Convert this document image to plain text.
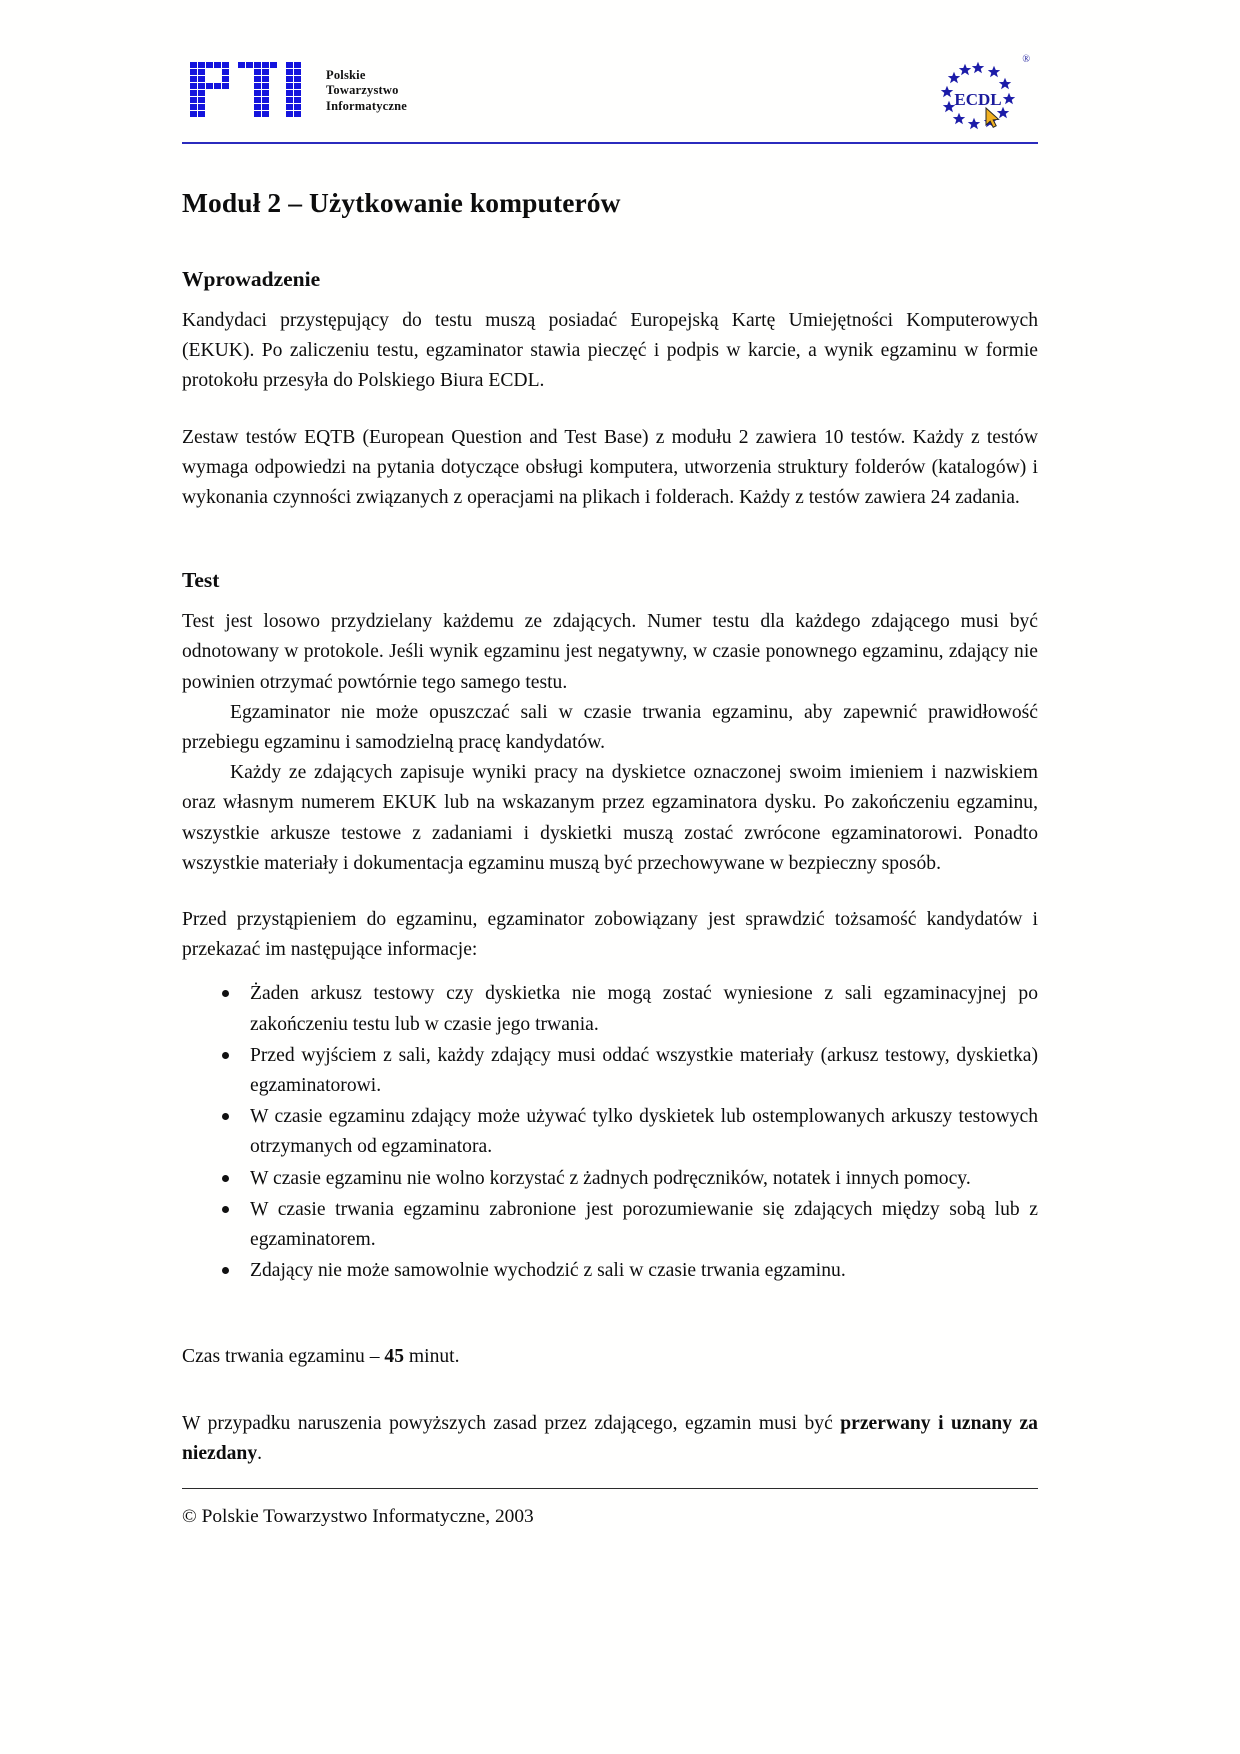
Polskie
Towarzystwo
Informatyczne	ECDL
®
Moduł 2 – Użytkowanie komputerów
Wprowadzenie

Kandydaci przystępujący do testu muszą posiadać Europejską Kartę Umiejętności Komputerowych (EKUK). Po zaliczeniu testu, egzaminator stawia pieczęć i podpis w karcie, a wynik egzaminu w formie protokołu przesyła do Polskiego Biura ECDL.

Zestaw testów EQTB (European Question and Test Base) z modułu 2 zawiera 10 testów. Każdy z testów wymaga odpowiedzi na pytania dotyczące obsługi komputera, utworzenia struktury folderów (katalogów) i wykonania czynności związanych z operacjami na plikach i folderach. Każdy z testów zawiera 24 zadania.

Test

Test jest losowo przydzielany każdemu ze zdających. Numer testu dla każdego zdającego musi być odnotowany w protokole. Jeśli wynik egzaminu jest negatywny, w czasie ponownego egzaminu, zdający nie powinien otrzymać powtórnie tego samego testu.

Egzaminator nie może opuszczać sali w czasie trwania egzaminu, aby zapewnić prawidłowość przebiegu egzaminu i samodzielną pracę kandydatów.

Każdy ze zdających zapisuje wyniki pracy na dyskietce oznaczonej swoim imieniem i nazwiskiem oraz własnym numerem EKUK lub na wskazanym przez egzaminatora dysku. Po zakończeniu egzaminu, wszystkie arkusze testowe z zadaniami i dyskietki muszą zostać zwrócone egzaminatorowi. Ponadto wszystkie materiały i dokumentacja egzaminu muszą być przechowywane w bezpieczny sposób.

Przed przystąpieniem do egzaminu, egzaminator zobowiązany jest sprawdzić tożsamość kandydatów i przekazać im następujące informacje:

Żaden arkusz testowy czy dyskietka nie mogą zostać wyniesione z sali egzaminacyjnej po zakończeniu testu lub w czasie jego trwania.
Przed wyjściem z sali, każdy zdający musi oddać wszystkie materiały (arkusz testowy, dyskietka) egzaminatorowi.
W czasie egzaminu zdający może używać tylko dyskietek lub ostemplowanych arkuszy testowych otrzymanych od egzaminatora.
W czasie egzaminu nie wolno korzystać z żadnych podręczników, notatek i innych pomocy.
W czasie trwania egzaminu zabronione jest porozumiewanie się zdających między sobą lub z egzaminatorem.
Zdający nie może samowolnie wychodzić z sali w czasie trwania egzaminu.

Czas trwania egzaminu – 45 minut.

W przypadku naruszenia powyższych zasad przez zdającego, egzamin musi być przerwany i uznany za niezdany.

© Polskie Towarzystwo Informatyczne, 2003
